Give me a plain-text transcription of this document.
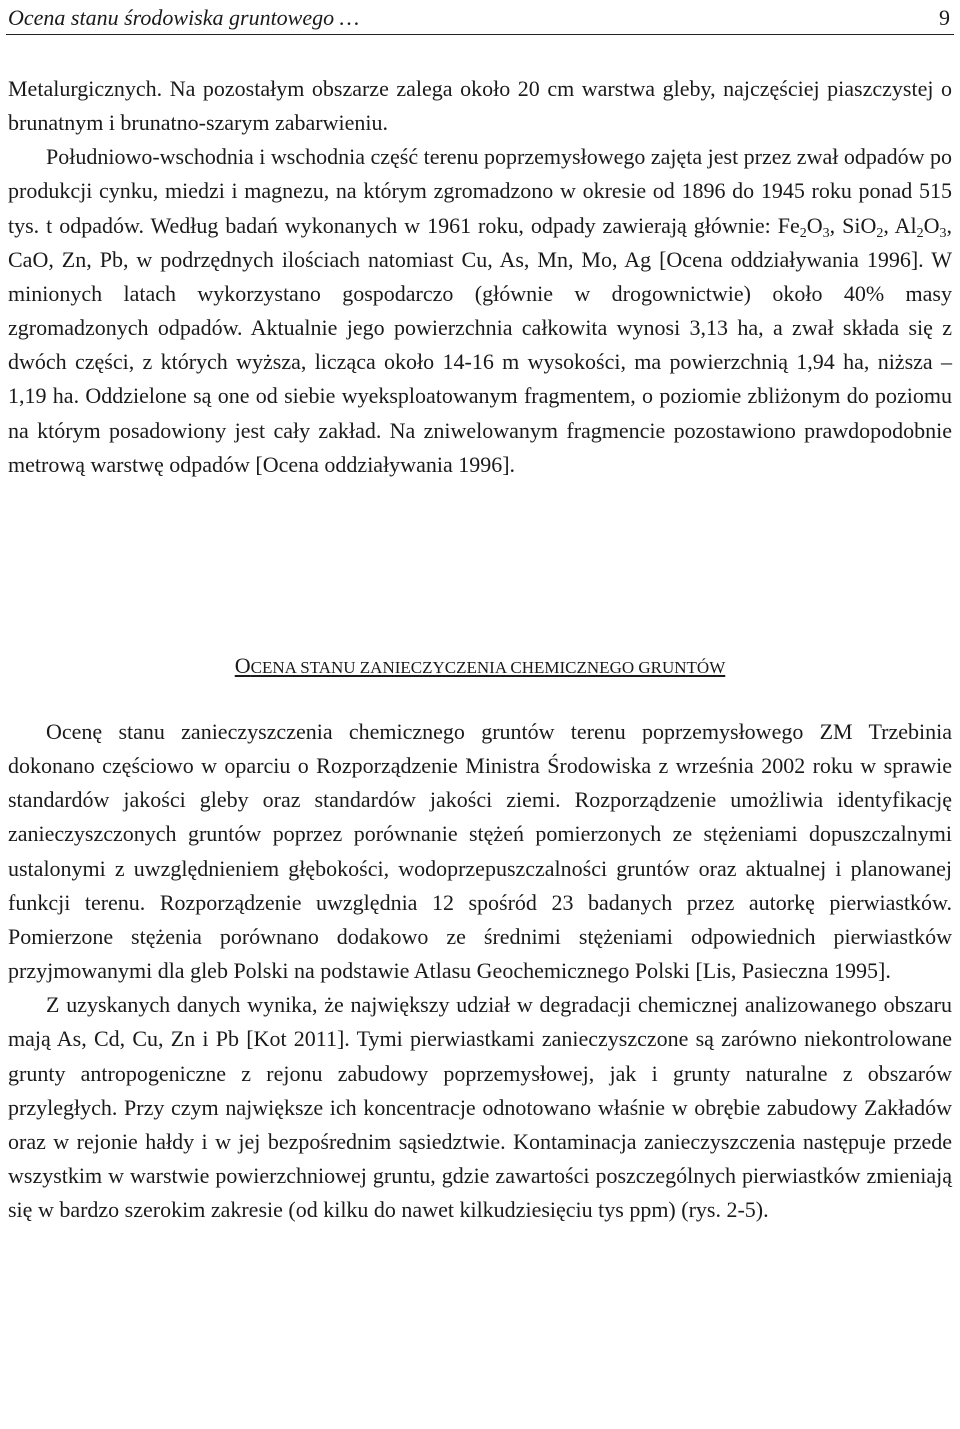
Ocena stanu środowiska gruntowego …	9

Metalurgicznych. Na pozostałym obszarze zalega około 20 cm warstwa gleby, najczęściej piaszczystej o brunatnym i brunatno-szarym zabarwieniu.

Południowo-wschodnia i wschodnia część terenu poprzemysłowego zajęta jest przez zwał odpadów po produkcji cynku, miedzi i magnezu, na którym zgromadzono w okresie od 1896 do 1945 roku ponad 515 tys. t odpadów. Według badań wykonanych w 1961 roku, odpady zawierają głównie: $Fe_2O_3$, SiO$_2$, $Al_2O_3$, CaO, Zn, Pb, w podrzędnych ilościach natomiast Cu, As, Mn, Mo, Ag [Ocena oddziaływania 1996]. W minionych latach wykorzystano gospodarczo (głównie w drogownictwie) około 40% masy zgromadzonych odpadów. Aktualnie jego powierzchnia całkowita wynosi 3,13 ha, a zwał składa się z dwóch części, z których wyższa, licząca około 14-16 m wysokości, ma powierzchnią 1,94 ha, niższa – 1,19 ha. Oddzielone są one od siebie wyeksploatowanym fragmentem, o poziomie zbliżonym do poziomu na którym posadowiony jest cały zakład. Na zniwelowanym fragmencie pozostawiono prawdopodobnie metrową warstwę odpadów [Ocena oddziaływania 1996].

OCENA STANU ZANIECZYCZENIA CHEMICZNEGO GRUNTÓW

Ocenę stanu zanieczyszczenia chemicznego gruntów terenu poprzemysłowego ZM Trzebinia dokonano częściowo w oparciu o Rozporządzenie Ministra Środowiska z września 2002 roku w sprawie standardów jakości gleby oraz standardów jakości ziemi. Rozporządzenie umożliwia identyfikację zanieczyszczonych gruntów poprzez porównanie stężeń pomierzonych ze stężeniami dopuszczalnymi ustalonymi z uwzględnieniem głębokości, wodoprzepuszczalności gruntów oraz aktualnej i planowanej funkcji terenu. Rozporządzenie uwzględnia 12 spośród 23 badanych przez autorkę pierwiastków. Pomierzone stężenia porównano dodakowo ze średnimi stężeniami odpowiednich pierwiastków przyjmowanymi dla gleb Polski na podstawie Atlasu Geochemicznego Polski [Lis, Pasieczna 1995].

Z uzyskanych danych wynika, że największy udział w degradacji chemicznej analizowanego obszaru mają As, Cd, Cu, Zn i Pb [Kot 2011]. Tymi pierwiastkami zanieczyszczone są zarówno niekontrolowane grunty antropogeniczne z rejonu zabudowy poprzemysłowej, jak i grunty naturalne z obszarów przyległych. Przy czym największe ich koncentracje odnotowano właśnie w obrębie zabudowy Zakładów oraz w rejonie hałdy i w jej bezpośrednim sąsiedztwie. Kontaminacja zanieczyszczenia następuje przede wszystkim w warstwie powierzchniowej gruntu, gdzie zawartości poszczególnych pierwiastków zmieniają się w bardzo szerokim zakresie (od kilku do nawet kilkudziesięciu tys ppm) (rys. 2-5).
